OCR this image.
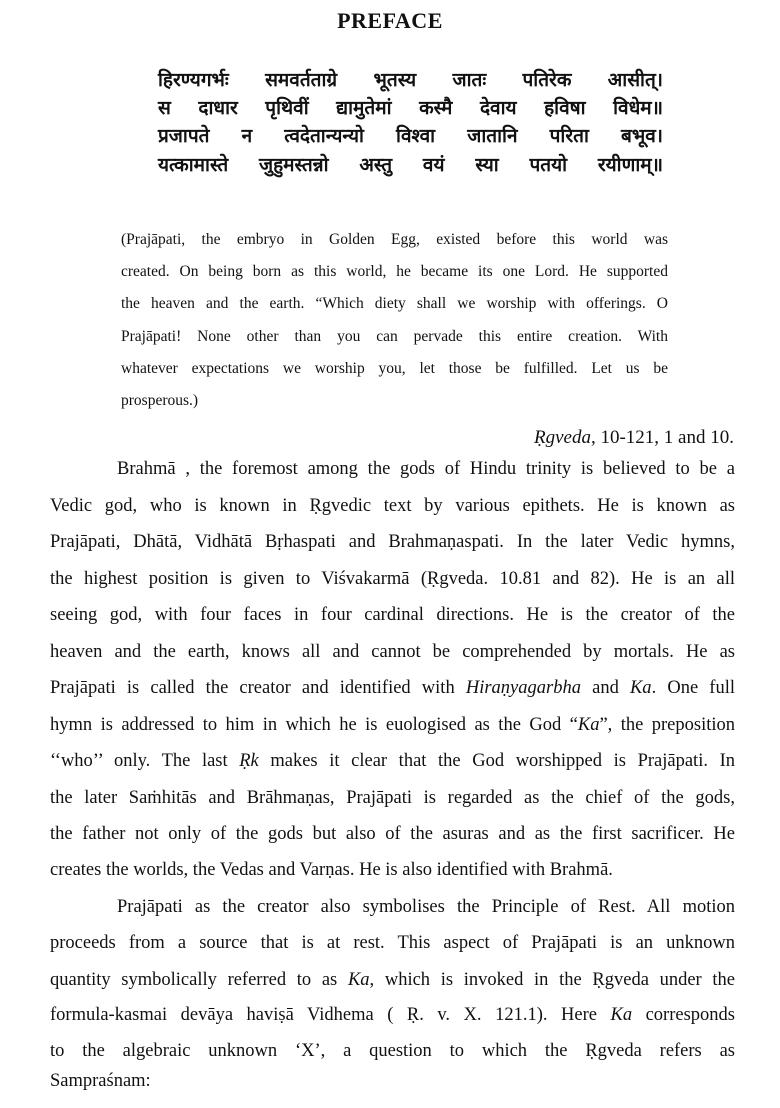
PREFACE
हिरण्यगर्भः समवर्तताग्रे भूतस्य जातः पतिरेक आसीत्।
स दाधार पृथिवीं द्यामुतेमां कस्मै देवाय हविषा विधेम॥
प्रजापते न त्वदेतान्यन्यो विश्वा जातानि परिता बभूव।
यत्कामास्ते जुहुमस्तन्नो अस्तु वयं स्या पतयो रयीणाम्॥
(Prajāpati, the embryo in Golden Egg, existed before this world was
created. On being born as this world, he became its one Lord. He supported
the heaven and the earth. “Which diety shall we worship with offerings. O
Prajāpati! None other than you can pervade this entire creation. With
whatever expectations we worship you, let those be fulfilled. Let us be
prosperous.)
Ṛgveda, 10-121, 1 and 10.
Brahmā , the foremost among the gods of Hindu trinity is believed to be a
Vedic god, who is known in Ṛgvedic text by various epithets. He is known as
Prajāpati, Dhātā, Vidhātā Bṛhaspati and Brahmaṇaspati. In the later Vedic hymns,
the highest position is given to Viśvakarmā (Ṛgveda. 10.81 and 82). He is an all
seeing god, with four faces in four cardinal directions. He is the creator of the
heaven and the earth, knows all and cannot be comprehended by mortals. He as
Prajāpati is called the creator and identified with Hiraṇyagarbha and Ka. One full
hymn is addressed to him in which he is euologised as the God “Ka”, the preposition
‘‘who’’ only. The last Ṛk makes it clear that the God worshipped is Prajāpati. In
the later Saṁhitās and Brāhmaṇas, Prajāpati is regarded as the chief of the gods,
the father not only of the gods but also of the asuras and as the first sacrificer. He
creates the worlds, the Vedas and Varṇas. He is also identified with Brahmā.
Prajāpati as the creator also symbolises the Principle of Rest. All motion
proceeds from a source that is at rest. This aspect of Prajāpati is an unknown
quantity symbolically referred to as Ka, which is invoked in the Ṛgveda under the
formula-kasmai devāya haviṣā Vidhema ( Ṛ. v. X. 121.1). Here Ka corresponds
to the algebraic unknown ‘X’, a question to which the Ṛgveda refers as
Sampraśnam:
